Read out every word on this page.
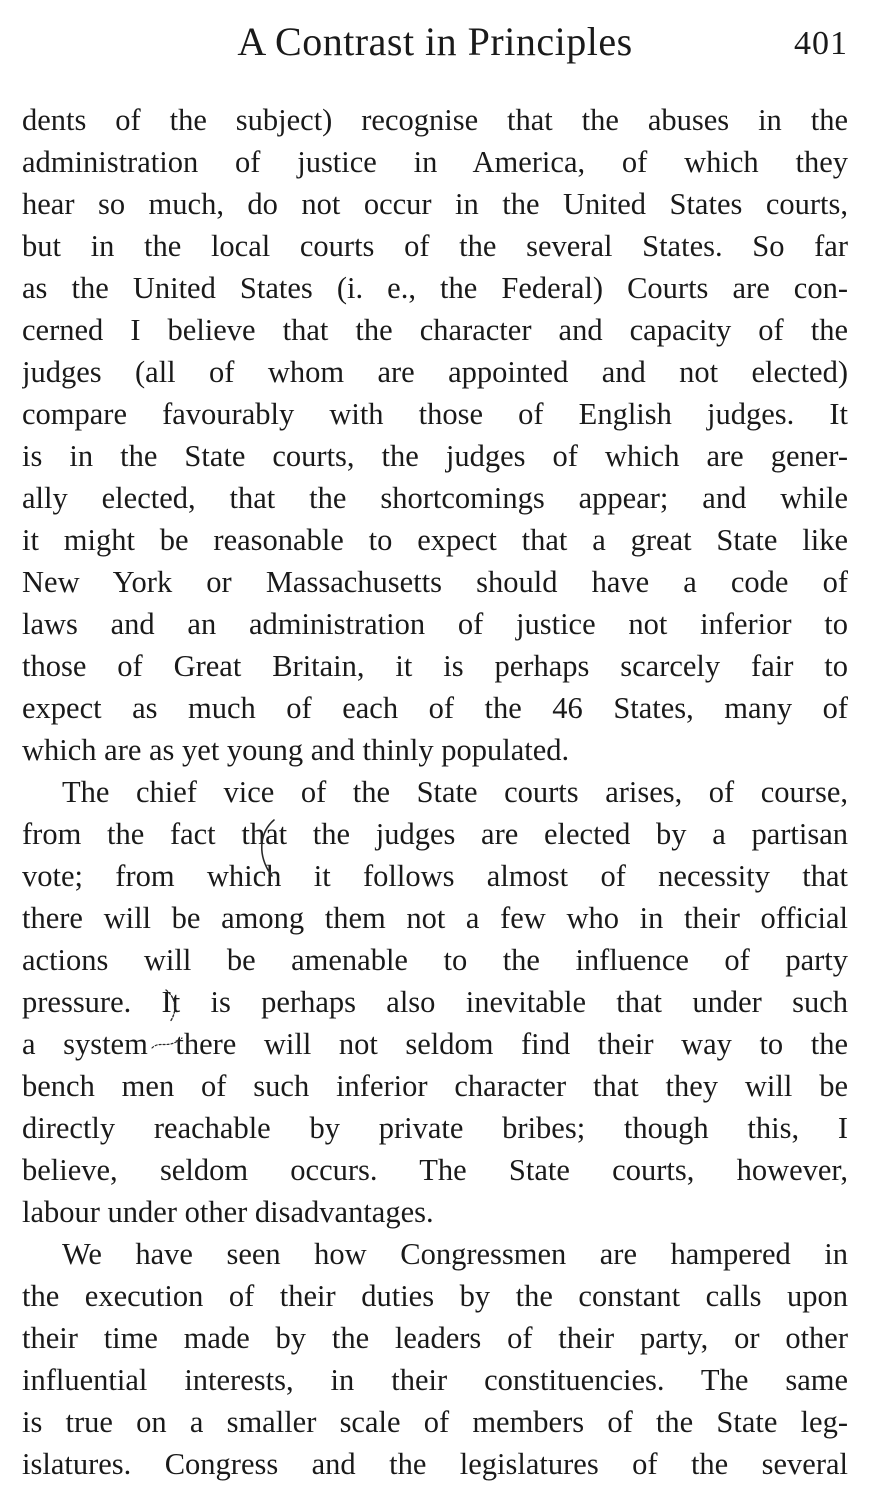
A Contrast in Principles	401
dents of the subject) recognise that the abuses in the
administration of justice in America, of which they
hear so much, do not occur in the United States courts,
but in the local courts of the several States. So far
as the United States (i. e., the Federal) Courts are con-
cerned I believe that the character and capacity of the
judges (all of whom are appointed and not elected)
compare favourably with those of English judges. It
is in the State courts, the judges of which are gener-
ally elected, that the shortcomings appear; and while
it might be reasonable to expect that a great State like
New York or Massachusetts should have a code of
laws and an administration of justice not inferior to
those of Great Britain, it is perhaps scarcely fair to
expect as much of each of the 46 States, many of
which are as yet young and thinly populated.
The chief vice of the State courts arises, of course,
from the fact that the judges are elected by a partisan
vote; from which it follows almost of necessity that
there will be among them not a few who in their official
actions will be amenable to the influence of party
pressure. It is perhaps also inevitable that under such
a system there will not seldom find their way to the
bench men of such inferior character that they will be
directly reachable by private bribes; though this, I
believe, seldom occurs. The State courts, however,
labour under other disadvantages.
We have seen how Congressmen are hampered in
the execution of their duties by the constant calls upon
their time made by the leaders of their party, or other
influential interests, in their constituencies. The same
is true on a smaller scale of members of the State leg-
islatures. Congress and the legislatures of the several
